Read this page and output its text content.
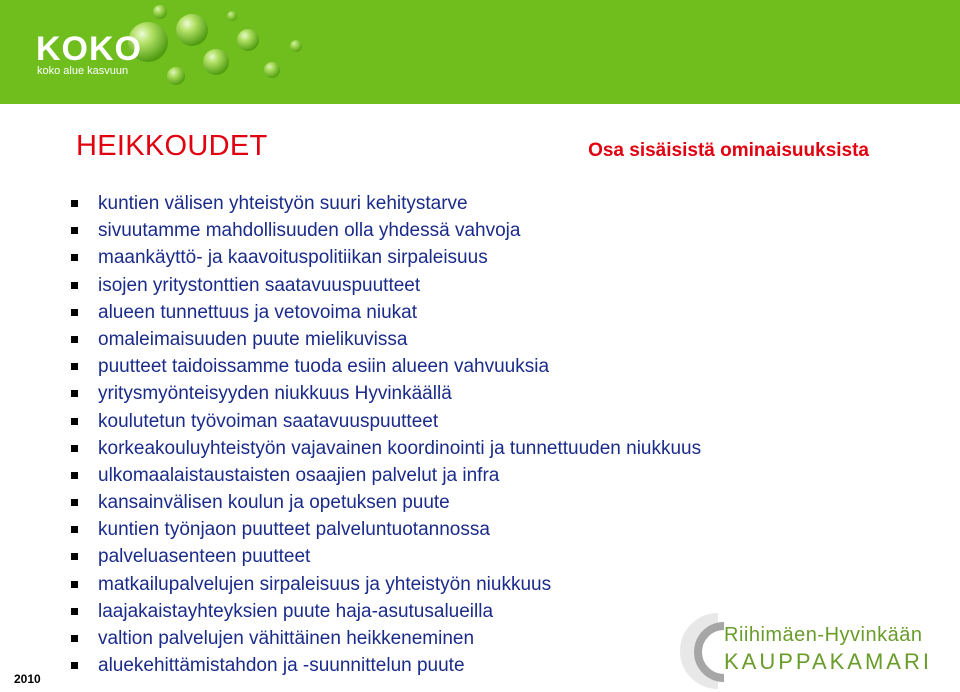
KOKO
koko alue kasvuun
HEIKKOUDET	Osa sisäisistä ominaisuuksista
kuntien välisen yhteistyön suuri kehitystarve
sivuutamme mahdollisuuden olla yhdessä vahvoja
maankäyttö- ja kaavoituspolitiikan sirpaleisuus
isojen yritystonttien saatavuuspuutteet
alueen tunnettuus ja vetovoima niukat
omaleimaisuuden puute mielikuvissa
puutteet taidoissamme tuoda esiin alueen vahvuuksia
yritysmyönteisyyden niukkuus Hyvinkäällä
koulutetun työvoiman saatavuuspuutteet
korkeakouluyhteistyön vajavainen koordinointi ja tunnettuuden niukkuus
ulkomaalaistaustaisten osaajien palvelut ja infra
kansainvälisen koulun ja opetuksen puute
kuntien työnjaon puutteet palveluntuotannossa
palveluasenteen puutteet
matkailupalvelujen sirpaleisuus ja yhteistyön niukkuus
laajakaistayhteyksien puute haja-asutusalueilla
valtion palvelujen vähittäinen heikkeneminen
aluekehittämistahdon ja -suunnittelun puute
Riihimäen-Hyvinkään
KAUPPAKAMARI
2010
